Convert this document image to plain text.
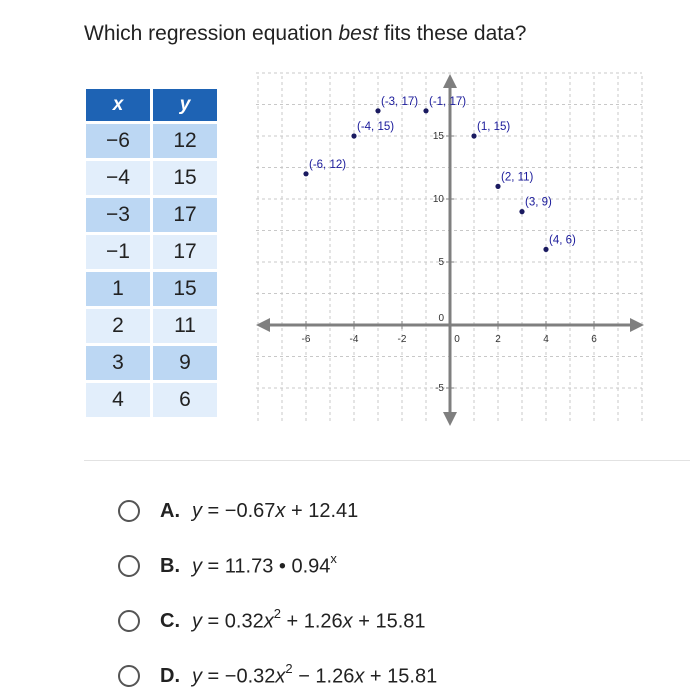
Which regression equation best fits these data?
x	y
−6	12
−4	15
−3	17
−1	17
1	15
2	11
3	9
4	6
-6	-4	-2	0	2	4	6
-5
0
5
10
15
(-6, 12)
(-4, 15)
(-3, 17) (-1, 17)
(1, 15)
(2, 11)
(3, 9)
(4, 6)
A. y = −0.67x + 12.41
B. y = 11.73 • 0.94$^x$
C. $y = 0.32x^2 + 1.26x + 15.81$
D. $y = -0.32x^2 - 1.26x + 15.81$
